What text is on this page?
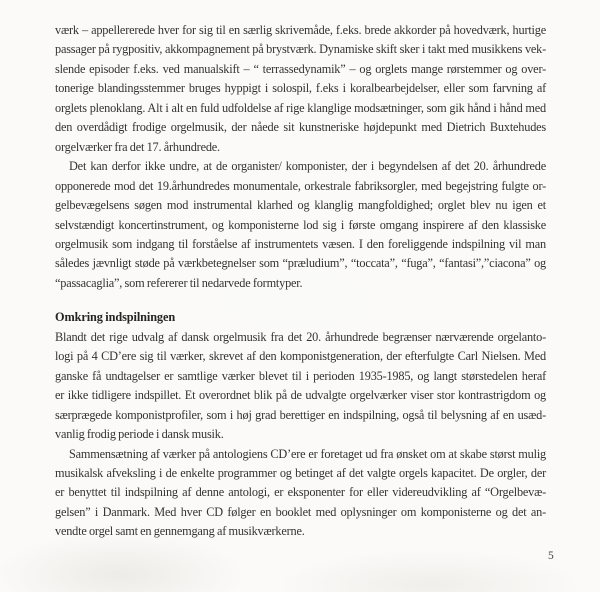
værk – appellererede hver for sig til en særlig skrivemåde, f.eks. brede akkorder på hovedværk, hurtige
passager på rygpositiv, akkompagnement på brystværk. Dynamiske skift sker i takt med musikkens vek-
slende episoder f.eks. ved manualskift – “ terrassedynamik” – og orglets mange rørstemmer og over-
tonerige blandingsstemmer bruges hyppigt i solospil, f.eks i koralbearbejdelser, eller som farvning af
orglets plenoklang. Alt i alt en fuld udfoldelse af rige klanglige modsætninger, som gik hånd i hånd med
den overdådigt frodige orgelmusik, der nåede sit kunstneriske højdepunkt med Dietrich Buxtehudes
orgelværker fra det 17. århundrede.
Det kan derfor ikke undre, at de organister/ komponister, der i begyndelsen af det 20. århundrede
opponerede mod det 19.århundredes monumentale, orkestrale fabriksorgler, med begejstring fulgte or-
gelbevægelsens søgen mod instrumental klarhed og klanglig mangfoldighed; orglet blev nu igen et
selvstændigt koncertinstrument, og komponisterne lod sig i første omgang inspirere af den klassiske
orgelmusik som indgang til forståelse af instrumentets væsen. I den foreliggende indspilning vil man
således jævnligt støde på værkbetegnelser som “præludium”, “toccata”, “fuga”, “fantasi”,”ciacona” og
“passacaglia”, som refererer til nedarvede formtyper.
Omkring indspilningen
Blandt det rige udvalg af dansk orgelmusik fra det 20. århundrede begrænser nærværende orgelanto-
logi på 4 CD’ere sig til værker, skrevet af den komponistgeneration, der efterfulgte Carl Nielsen. Med
ganske få undtagelser er samtlige værker blevet til i perioden 1935-1985, og langt størstedelen heraf
er ikke tidligere indspillet. Et overordnet blik på de udvalgte orgelværker viser stor kontrastrigdom og
særprægede komponistprofiler, som i høj grad berettiger en indspilning, også til belysning af en usæd-
vanlig frodig periode i dansk musik.
Sammensætning af værker på antologiens CD’ere er foretaget ud fra ønsket om at skabe størst mulig
musikalsk afveksling i de enkelte programmer og betinget af det valgte orgels kapacitet. De orgler, der
er benyttet til indspilning af denne antologi, er eksponenter for eller videreudvikling af “Orgelbevæ-
gelsen” i Danmark. Med hver CD følger en booklet med oplysninger om komponisterne og det an-
vendte orgel samt en gennemgang af musikværkerne.
5
